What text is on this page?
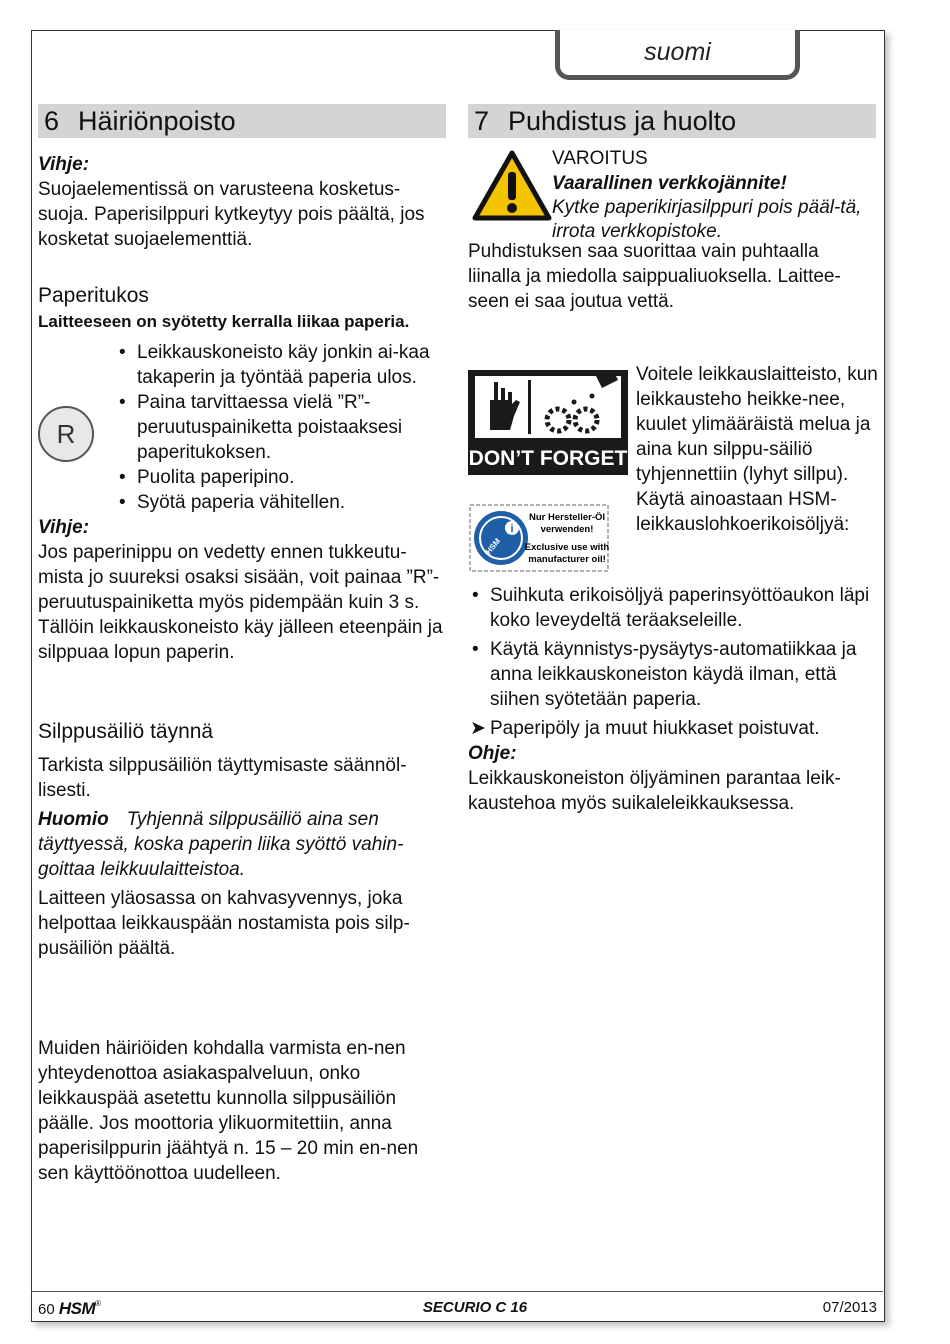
suomi
6 Häiriönpoisto

Vihje:

Suojaelementissä on varusteena kosketus-suoja. Paperisilppuri kytkeytyy pois päältä, jos kosketat suojaelementtiä.

Paperitukos

Laitteeseen on syötetty kerralla liikaa paperia.

• Leikkauskoneisto käy jonkin ai-kaa takaperin ja työntää paperia ulos.
• Paina tarvittaessa vielä ”R”-peruutuspainiketta poistaaksesi paperitukoksen.
• Puolita paperipino.
• Syötä paperia vähitellen.
R

Vihje:

Jos paperinippu on vedetty ennen tukkeutu-mista jo suureksi osaksi sisään, voit painaa ”R”-peruutuspainiketta myös pidempään kuin 3 s. Tällöin leikkauskoneisto käy jälleen eteenpäin ja silppuaa lopun paperin.

Silppusäiliö täynnä

Tarkista silppusäiliön täyttymisaste säännöl-lisesti.

Huomio Tyhjennä silppusäiliö aina sen täyttyessä, koska paperin liika syöttö vahin-goittaa leikkuulaitteistoa.

Laitteen yläosassa on kahvasyvennys, joka helpottaa leikkauspään nostamista pois silp-pusäiliön päältä.

Muiden häiriöiden kohdalla varmista en-nen yhteydenottoa asiakaspalveluun, onko leikkauspää asetettu kunnolla silppusäiliön päälle. Jos moottoria ylikuormitettiin, anna paperisilppurin jäähtyä n. 15 – 20 min en-nen sen käyttöönottoa uudelleen.

7 Puhdistus ja huolto

VAROITUS

Vaarallinen verkkojännite!

Kytke paperikirjasilppuri pois pääl-tä, irrota verkkopistoke.

Puhdistuksen saa suorittaa vain puhtaalla liinalla ja miedolla saippualiuoksella. Laittee-seen ei saa joutua vettä.

DON’T FORGET
i
HSM
Nur Hersteller-Öl
verwenden!
Exclusive use with
manufacturer oil!

Voitele leikkauslaitteisto, kun leikkausteho heikke-nee, kuulet ylimääräistä melua ja aina kun silppu-säiliö tyhjennettiin (lyhyt sillpu).

Käytä ainoastaan HSM-leikkauslohkoerikoisöljyä:

• Suihkuta erikoisöljyä paperinsyöttöaukon läpi koko leveydeltä teräakseleille.
• Käytä käynnistys-pysäytys-automatiikkaa ja anna leikkauskoneiston käydä ilman, että siihen syötetään paperia.

➤ Paperipöly ja muut hiukkaset poistuvat.

Ohje:

Leikkauskoneiston öljyäminen parantaa leik-kaustehoa myös suikaleleikkauksessa.

60 HSM®	SECURIO C 16	07/2013
